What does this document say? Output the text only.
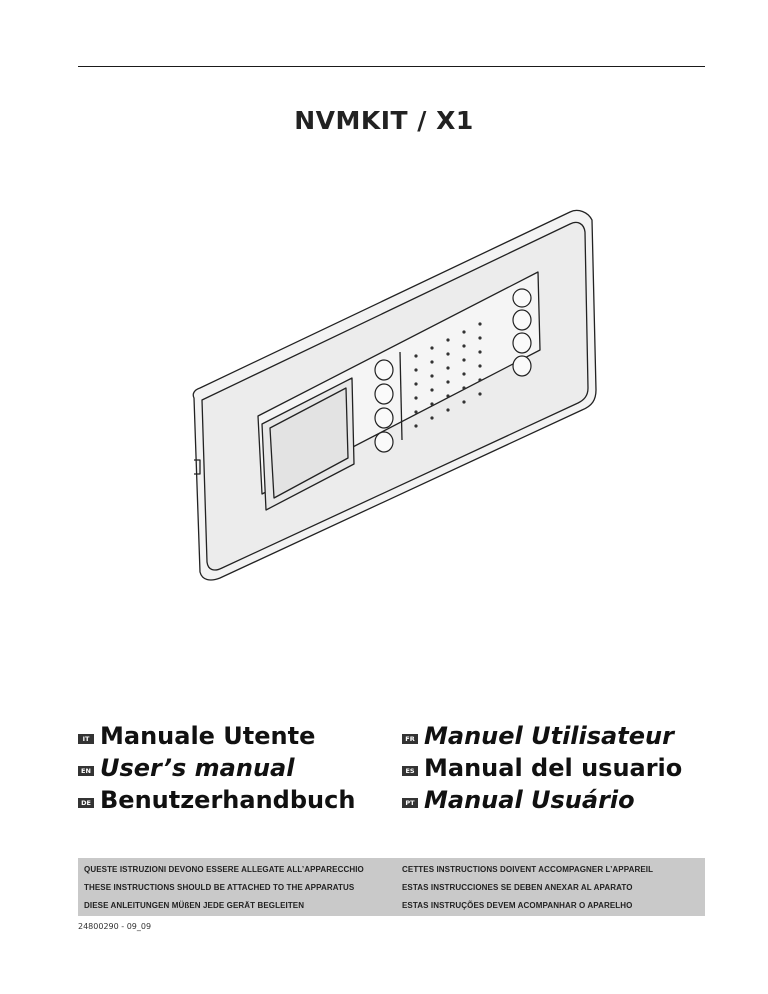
NVMKIT / X1
IT Manuale Utente
EN User’s manual
DE Benutzerhandbuch
FR Manuel Utilisateur
ES Manual del usuario
PT Manual Usuário
QUESTE ISTRUZIONI DEVONO ESSERE ALLEGATE ALL’APPARECCHIO
THESE INSTRUCTIONS SHOULD BE ATTACHED TO THE APPARATUS
DIESE ANLEITUNGEN MÜßEN JEDE GERÄT BEGLEITEN
CETTES INSTRUCTIONS DOIVENT ACCOMPAGNER L’APPAREIL
ESTAS INSTRUCCIONES SE DEBEN ANEXAR AL APARATO
ESTAS INSTRUÇÕES DEVEM ACOMPANHAR O APARELHO
24800290 - 09_09
